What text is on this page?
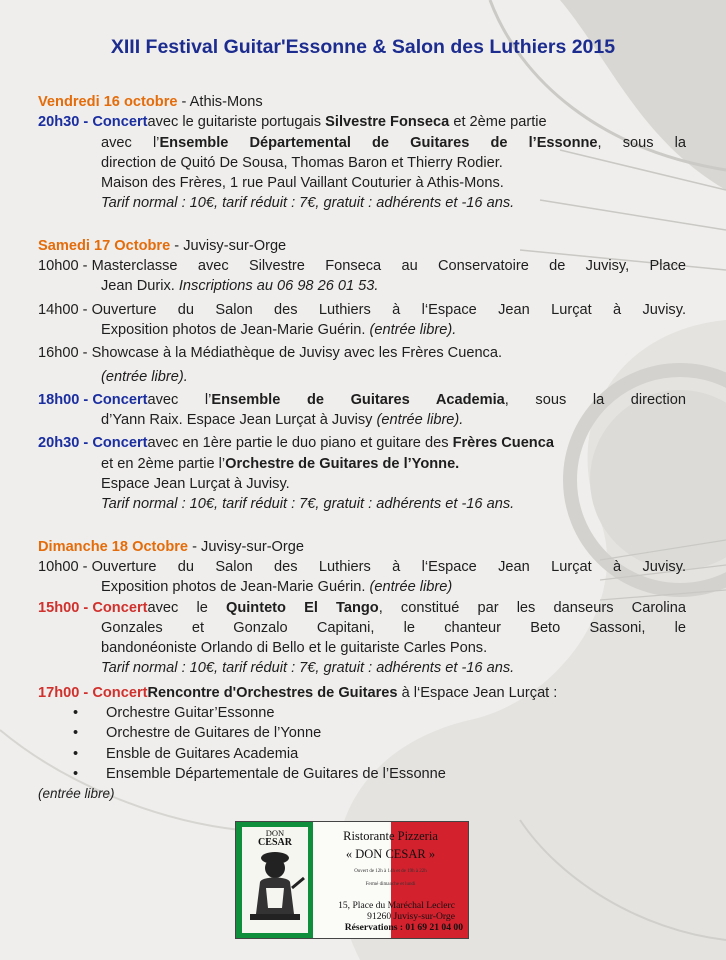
XIII Festival Guitar'Essonne & Salon des Luthiers 2015
Vendredi 16 octobre - Athis-Mons
20h30 - Concert avec le guitariste portugais Silvestre Fonseca et 2ème partie
avec l’Ensemble Départemental de Guitares de l’Essonne, sous la
direction de Quitó De Sousa, Thomas Baron et Thierry Rodier.
Maison des Frères, 1 rue Paul Vaillant Couturier à Athis-Mons.
Tarif normal : 10€, tarif réduit : 7€, gratuit : adhérents et -16 ans.
Samedi 17 Octobre - Juvisy-sur-Orge
10h00 - Masterclasse avec Silvestre Fonseca au Conservatoire de Juvisy, Place
Jean Durix. Inscriptions au 06 98 26 01 53.
14h00 - Ouverture du Salon des Luthiers à l‘Espace Jean Lurçat à Juvisy.
Exposition photos de Jean-Marie Guérin. (entrée libre).
16h00 - Showcase à la Médiathèque de Juvisy avec les Frères Cuenca.
(entrée libre).
18h00 - Concert avec l’Ensemble de Guitares Academia, sous la direction
d’Yann Raix. Espace Jean Lurçat à Juvisy (entrée libre).
20h30 - Concert avec en 1ère partie le duo piano et guitare des Frères Cuenca
et en 2ème partie l’Orchestre de Guitares de l’Yonne.
Espace Jean Lurçat à Juvisy.
Tarif normal : 10€, tarif réduit : 7€, gratuit : adhérents et -16 ans.
Dimanche 18 Octobre - Juvisy-sur-Orge
10h00 - Ouverture du Salon des Luthiers à l‘Espace Jean Lurçat à Juvisy.
Exposition photos de Jean-Marie Guérin. (entrée libre)
15h00 - Concert avec le Quinteto El Tango, constitué par les danseurs Carolina
Gonzales et Gonzalo Capitani, le chanteur Beto Sassoni, le
bandonéoniste Orlando di Bello et le guitariste Carles Pons.
Tarif normal : 10€, tarif réduit : 7€, gratuit : adhérents et -16 ans.
17h00 - Concert Rencontre d'Orchestres de Guitares à l‘Espace Jean Lurçat :
• Orchestre Guitar’Essonne
• Orchestre de Guitares de l’Yonne
• Ensble de Guitares Academia
• Ensemble Départementale de Guitares de l’Essonne
(entrée libre)
DON
CESAR	Ristorante Pizzeria
« DON CESAR »
Ouvert de 12h à 14h et de 19h à 22h
Fermé dimanche et lundi
15, Place du Maréchal Leclerc
91260 Juvisy-sur-Orge
Réservations : 01 69 21 04 00
